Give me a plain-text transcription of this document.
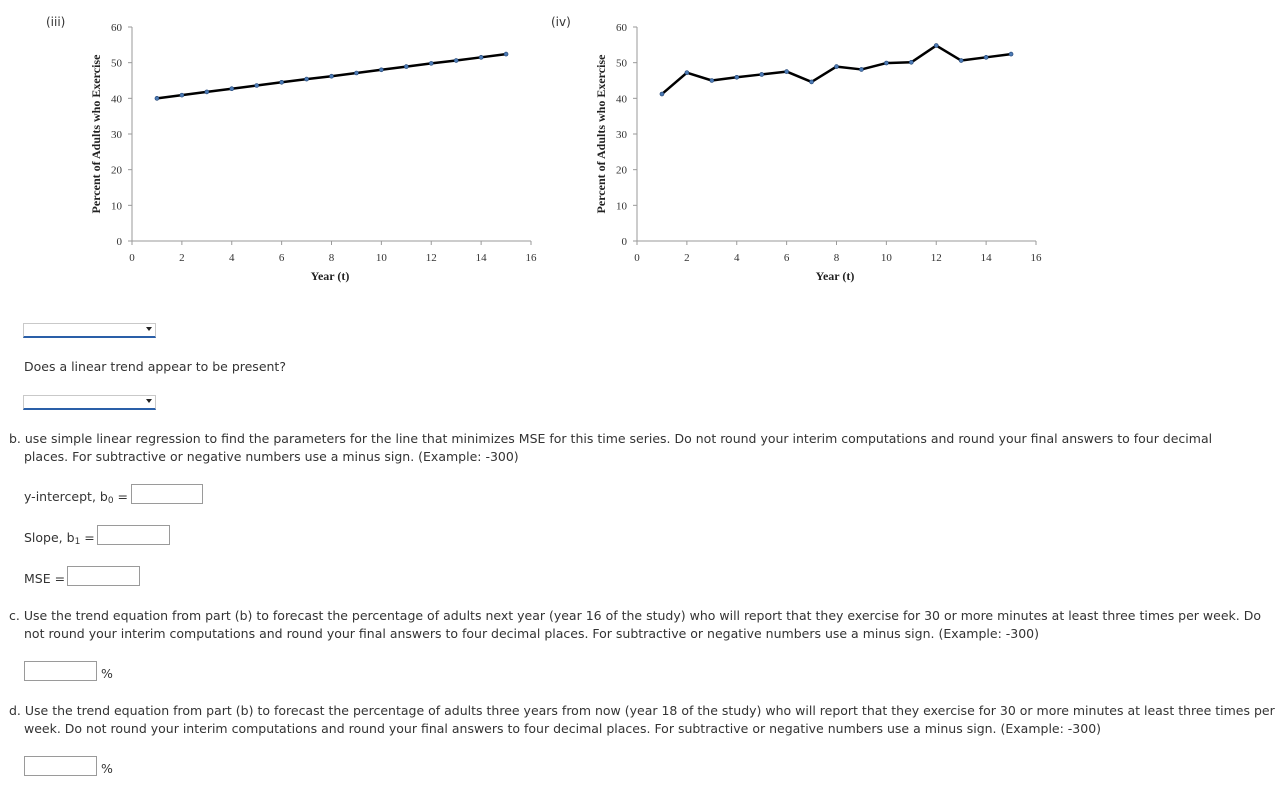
(iii)
Percent of Adults who Exercise
Year (t)
0
10
20
30
40
50
60
0	2	4	6	8	10	12	14	16
(iv)
Percent of Adults who Exercise
Year (t)
0
10
20
30
40
50
60
0	2	4	6	8	10	12	14	16
Does a linear trend appear to be present?
b. use simple linear regression to find the parameters for the line that minimizes MSE for this time series. Do not round your interim computations and round your final answers to four decimal places. For subtractive or negative numbers use a minus sign. (Example: -300)
y-intercept, b0 =
Slope, b1 =
MSE =
c. Use the trend equation from part (b) to forecast the percentage of adults next year (year 16 of the study) who will report that they exercise for 30 or more minutes at least three times per week. Do not round your interim computations and round your final answers to four decimal places. For subtractive or negative numbers use a minus sign. (Example: -300)
%
d. Use the trend equation from part (b) to forecast the percentage of adults three years from now (year 18 of the study) who will report that they exercise for 30 or more minutes at least three times per week. Do not round your interim computations and round your final answers to four decimal places. For subtractive or negative numbers use a minus sign. (Example: -300)
%
